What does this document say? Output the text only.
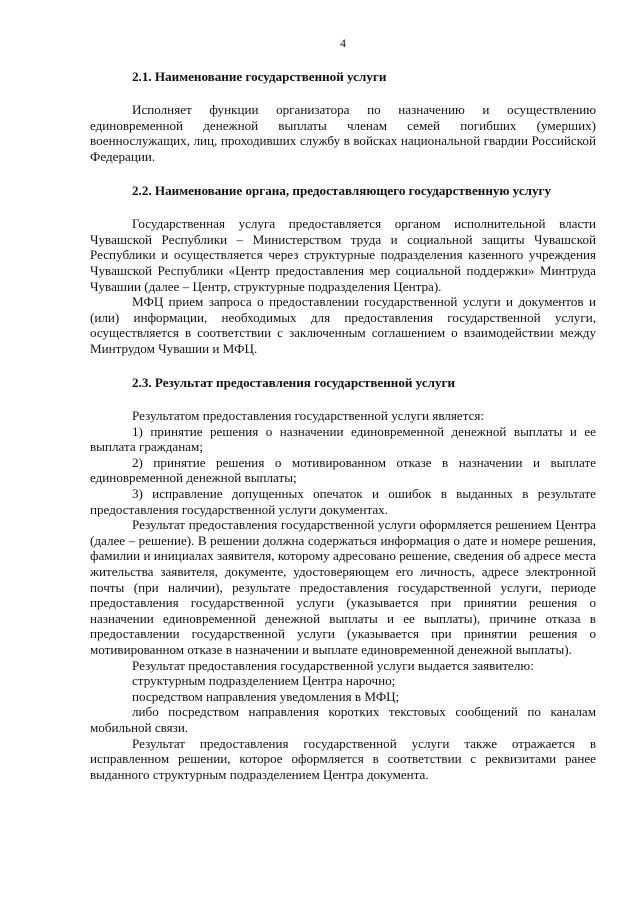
4
2.1. Наименование государственной услуги

Исполняет функции организатора по назначению и осуществлению единовременной денежной выплаты членам семей погибших (умерших) военнослужащих, лиц, проходивших службу в войсках национальной гвардии Российской Федерации.

2.2. Наименование органа, предоставляющего государственную услугу

Государственная услуга предоставляется органом исполнительной власти Чувашской Республики – Министерством труда и социальной защиты Чувашской Республики и осуществляется через структурные подразделения казенного учреждения Чувашской Республики «Центр предоставления мер социальной поддержки» Минтруда Чувашии (далее – Центр, структурные подразделения Центра).

МФЦ прием запроса о предоставлении государственной услуги и документов и (или) информации, необходимых для предоставления государственной услуги, осуществляется в соответствии с заключенным соглашением о взаимодействии между Минтрудом Чувашии и МФЦ.

2.3. Результат предоставления государственной услуги

Результатом предоставления государственной услуги является:

1) принятие решения о назначении единовременной денежной выплаты и ее выплата гражданам;

2) принятие решения о мотивированном отказе в назначении и выплате единовременной денежной выплаты;

3) исправление допущенных опечаток и ошибок в выданных в результате предоставления государственной услуги документах.

Результат предоставления государственной услуги оформляется решением Центра (далее – решение). В решении должна содержаться информация о дате и номере решения, фамилии и инициалах заявителя, которому адресовано решение, сведения об адресе места жительства заявителя, документе, удостоверяющем его личность, адресе электронной почты (при наличии), результате предоставления государственной услуги, периоде предоставления государственной услуги (указывается при принятии решения о назначении единовременной денежной выплаты и ее выплаты), причине отказа в предоставлении государственной услуги (указывается при принятии решения о мотивированном отказе в назначении и выплате единовременной денежной выплаты).

Результат предоставления государственной услуги выдается заявителю:

структурным подразделением Центра нарочно;

посредством направления уведомления в МФЦ;

либо посредством направления коротких текстовых сообщений по каналам мобильной связи.

Результат предоставления государственной услуги также отражается в исправленном решении, которое оформляется в соответствии с реквизитами ранее выданного структурным подразделением Центра документа.
